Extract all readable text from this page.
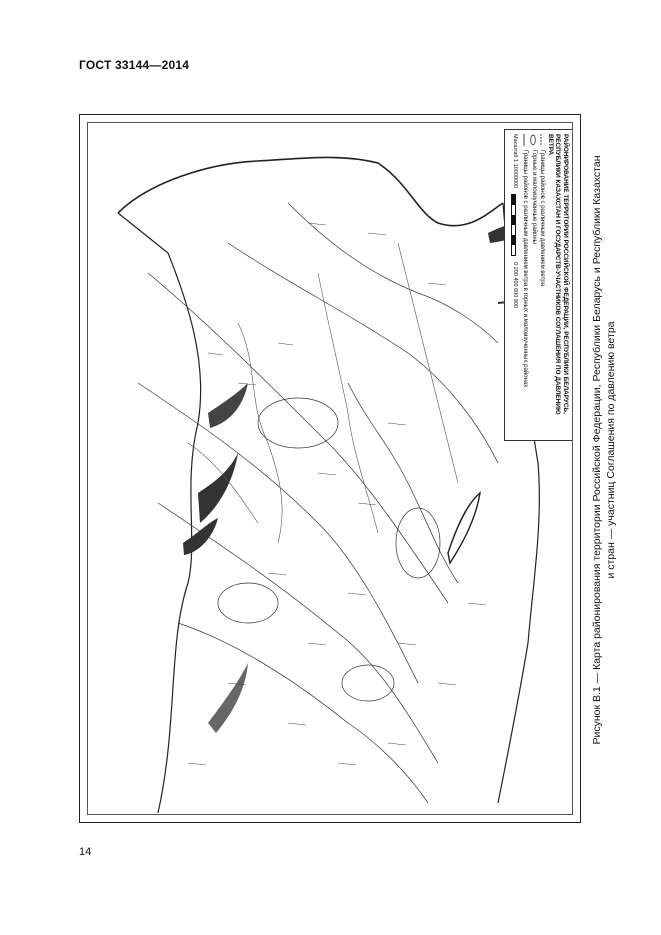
ГОСТ 33144—2014
РАЙОНИРОВАНИЕ ТЕРРИТОРИИ РОССИЙСКОЙ ФЕДЕРАЦИИ, РЕСПУБЛИКИ БЕЛАРУСЬ,
РЕСПУБЛИКИ КАЗАХСТАН И ГОСУДАРСТВ-УЧАСТНИКОВ СОГЛАШЕНИЯ ПО ДАВЛЕНИЮ ВЕТРА
Границы районов с различным давлением ветра
Горные и малоизученные районы
Границы районов с различным давлением ветра в горных и малоизученных районах
Масштаб 1:10000000
0 200 400 600 800	Рисунок В.1 — Карта районирования территории Российской Федерации, Республики Беларусь и Республики Казахстан и стран — участниц Соглашения по давлению ветра
14
